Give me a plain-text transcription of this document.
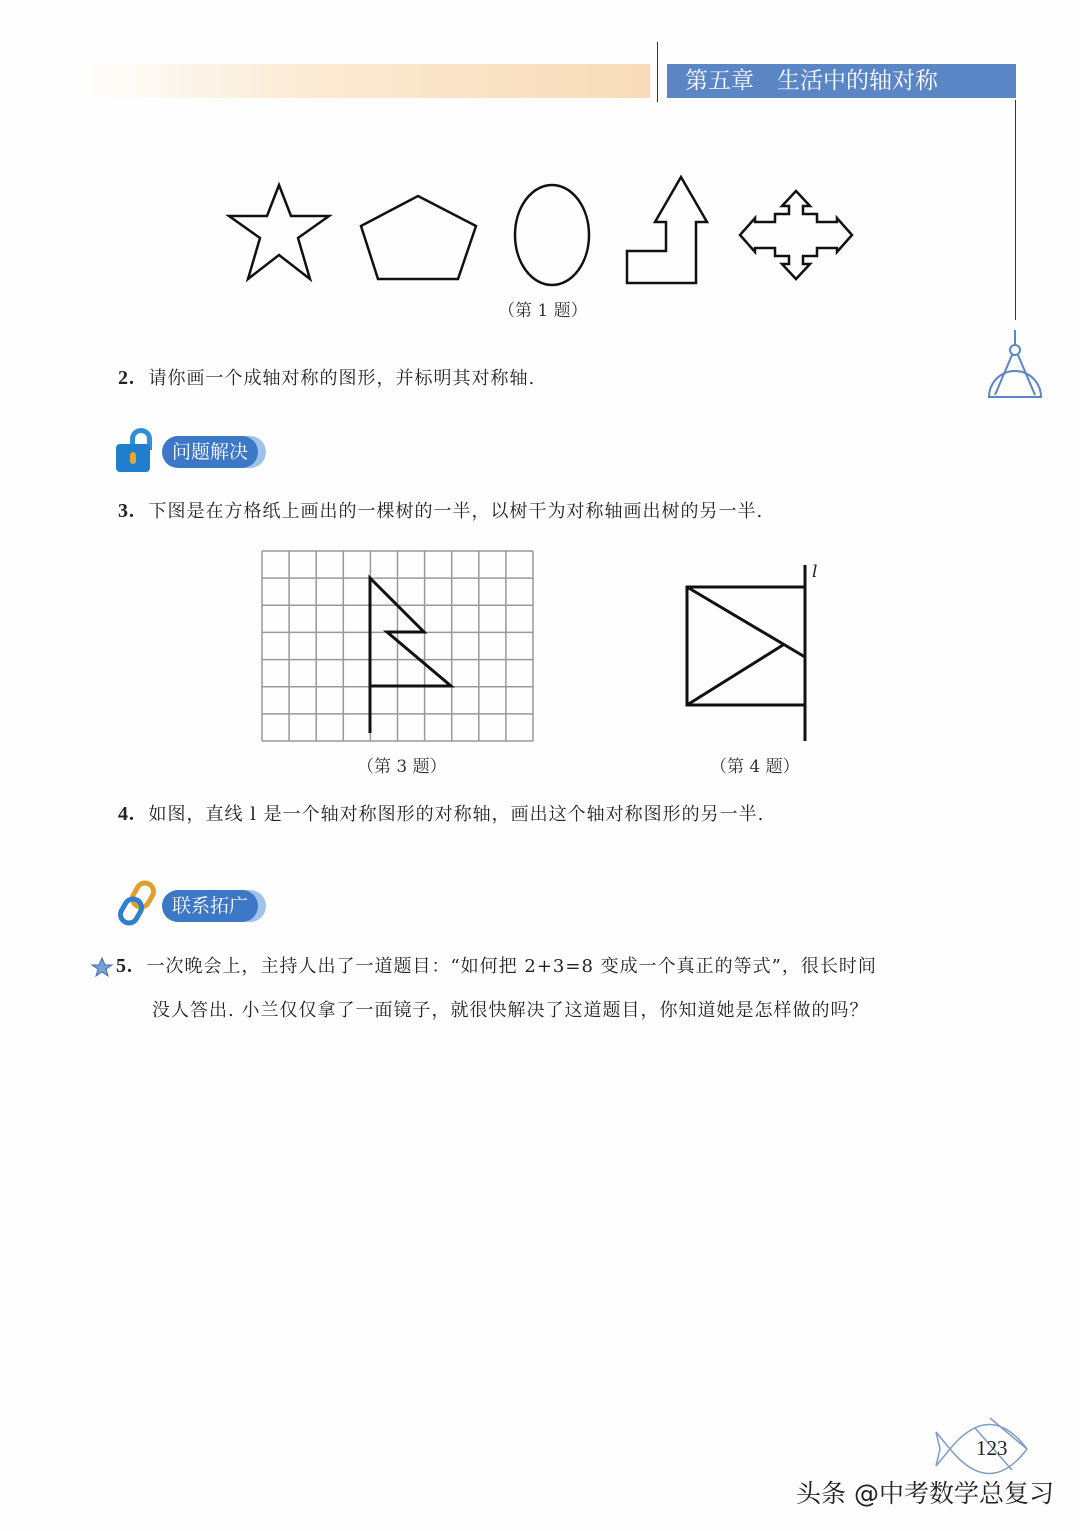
第五章　生活中的轴对称
（第 1 题）
2. 请你画一个成轴对称的图形，并标明其对称轴.
问题解决
3. 下图是在方格纸上画出的一棵树的一半，以树干为对称轴画出树的另一半.
（第 3 题）
l
（第 4 题）
4. 如图，直线 l 是一个轴对称图形的对称轴，画出这个轴对称图形的另一半.
联系拓广
5. 一次晚会上，主持人出了一道题目：“如何把 2+3=8 变成一个真正的等式”，很长时间
没人答出. 小兰仅仅拿了一面镜子，就很快解决了这道题目，你知道她是怎样做的吗？
123
头条 @中考数学总复习
